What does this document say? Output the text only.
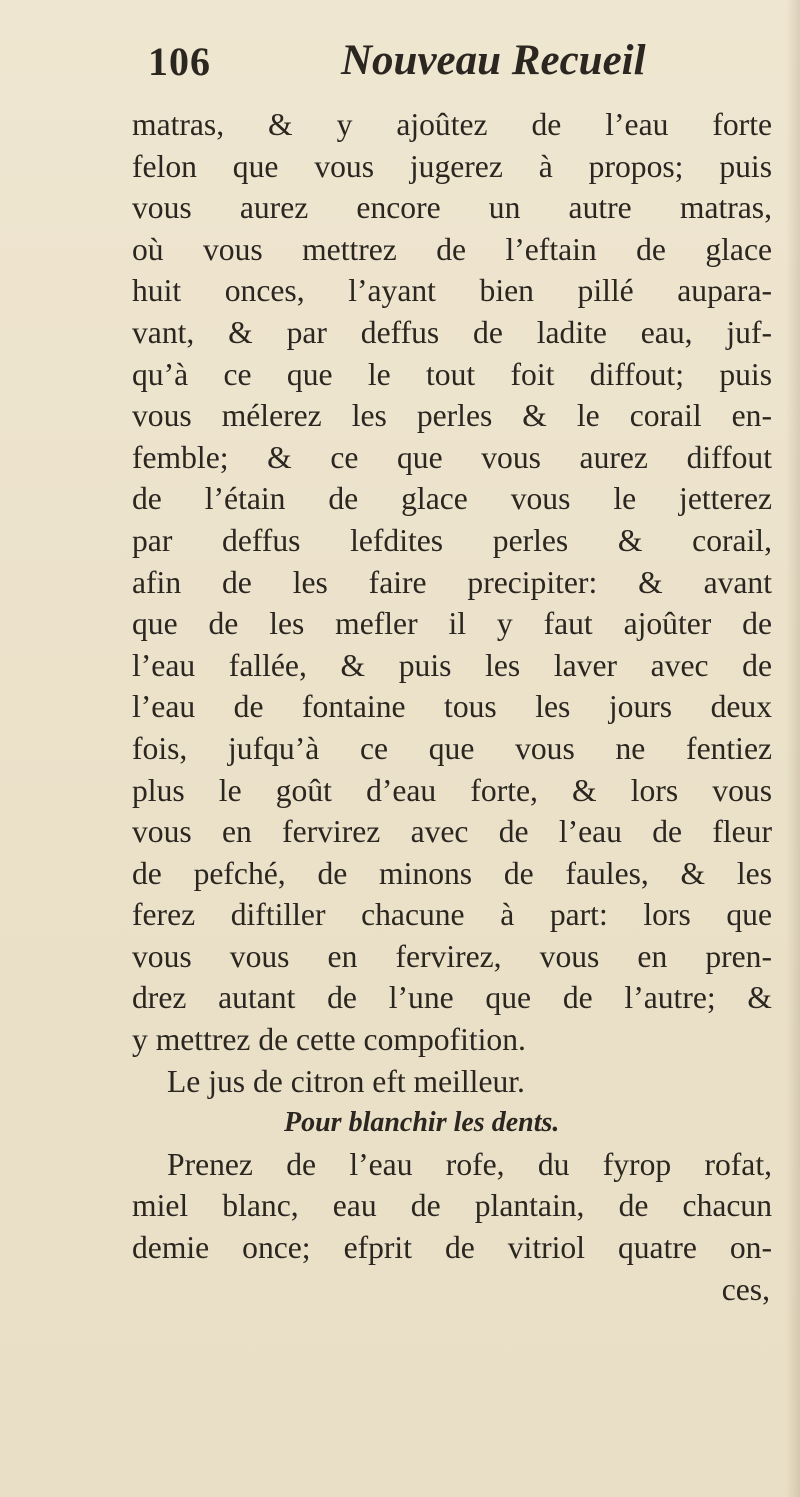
106	Nouveau Recueil
matras, & y ajoûtez de l’eau forte
felon que vous jugerez à propos; puis
vous aurez encore un autre matras,
où vous mettrez de l’eftain de glace
huit onces, l’ayant bien pillé aupara-
vant, & par deffus de ladite eau, juf-
qu’à ce que le tout foit diffout; puis
vous mélerez les perles & le corail en-
femble; & ce que vous aurez diffout
de l’étain de glace vous le jetterez
par deffus lefdites perles & corail,
afin de les faire precipiter: & avant
que de les mefler il y faut ajoûter de
l’eau fallée, & puis les laver avec de
l’eau de fontaine tous les jours deux
fois, jufqu’à ce que vous ne fentiez
plus le goût d’eau forte, & lors vous
vous en fervirez avec de l’eau de fleur
de pefché, de minons de faules, & les
ferez diftiller chacune à part: lors que
vous vous en fervirez, vous en pren-
drez autant de l’une que de l’autre; &
y mettrez de cette compofition.
Le jus de citron eft meilleur.
Pour blanchir les dents.
Prenez de l’eau rofe, du fyrop rofat,
miel blanc, eau de plantain, de chacun
demie once; efprit de vitriol quatre on-
ces,
